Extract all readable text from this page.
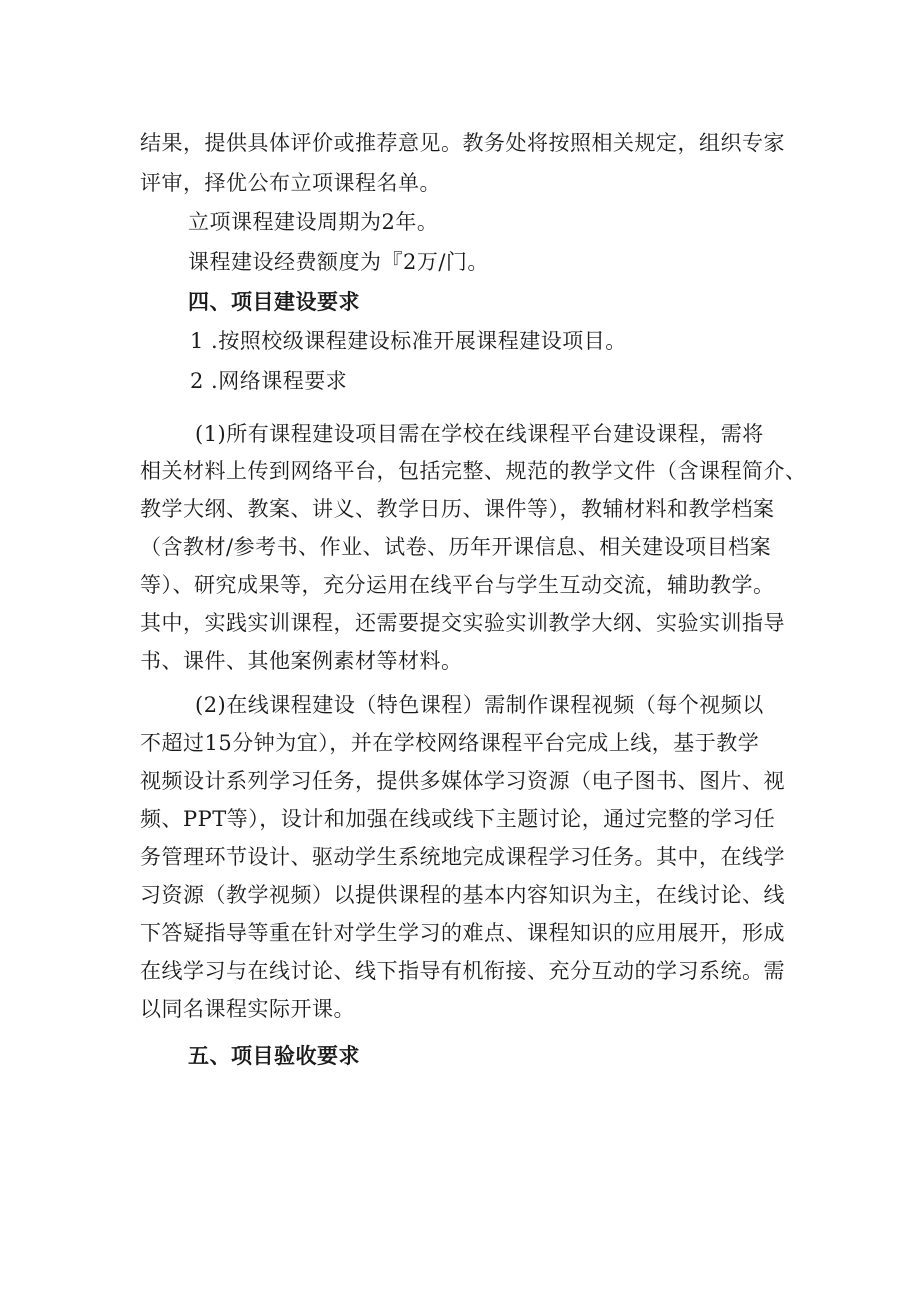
结果，提供具体评价或推荐意见。教务处将按照相关规定，组织专家
评审，择优公布立项课程名单。
立项课程建设周期为2年。
课程建设经费额度为『2万/门。
四、项目建设要求
1 .按照校级课程建设标准开展课程建设项目。
2 .网络课程要求
(1)所有课程建设项目需在学校在线课程平台建设课程，需将
相关材料上传到网络平台，包括完整、规范的教学文件（含课程简介、
教学大纲、教案、讲义、教学日历、课件等），教辅材料和教学档案
（含教材/参考书、作业、试卷、历年开课信息、相关建设项目档案
等）、研究成果等，充分运用在线平台与学生互动交流，辅助教学。
其中，实践实训课程，还需要提交实验实训教学大纲、实验实训指导
书、课件、其他案例素材等材料。
(2)在线课程建设（特色课程）需制作课程视频（每个视频以
不超过15分钟为宜），并在学校网络课程平台完成上线，基于教学
视频设计系列学习任务，提供多媒体学习资源（电子图书、图片、视
频、PPT等），设计和加强在线或线下主题讨论，通过完整的学习任
务管理环节设计、驱动学生系统地完成课程学习任务。其中，在线学
习资源（教学视频）以提供课程的基本内容知识为主，在线讨论、线
下答疑指导等重在针对学生学习的难点、课程知识的应用展开，形成
在线学习与在线讨论、线下指导有机衔接、充分互动的学习系统。需
以同名课程实际开课。
五、项目验收要求
